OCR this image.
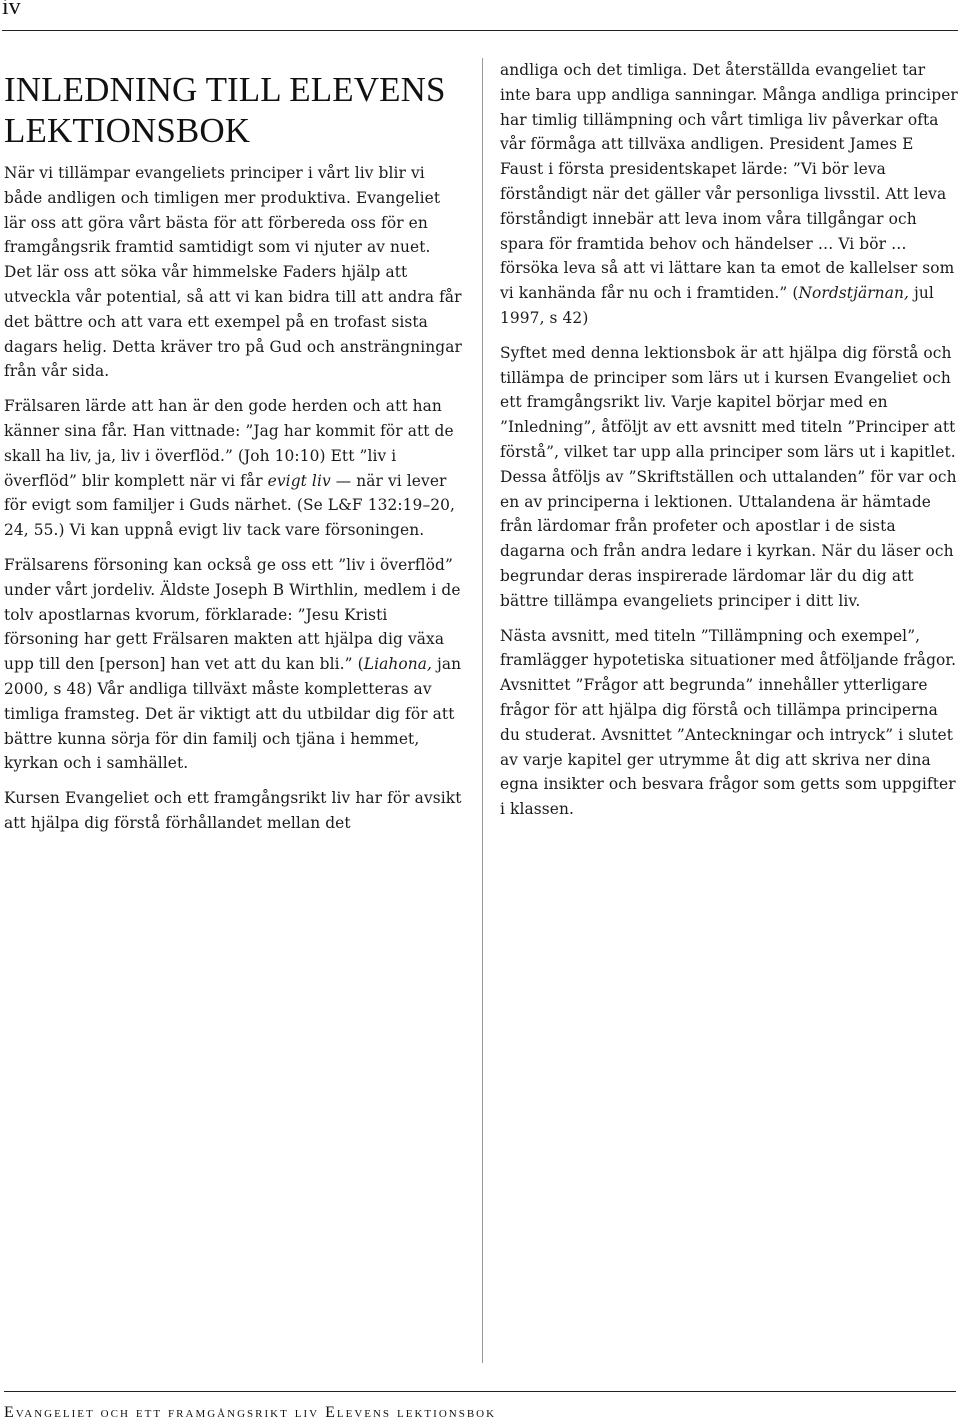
iv
INLEDNING TILL ELEVENS LEKTIONSBOK

När vi tillämpar evangeliets principer i vårt liv blir vi både andligen och timligen mer produktiva. Evangeliet lär oss att göra vårt bästa för att förbereda oss för en framgångsrik framtid samtidigt som vi njuter av nuet. Det lär oss att söka vår himmelske Faders hjälp att utveckla vår potential, så att vi kan bidra till att andra får det bättre och att vara ett exempel på en trofast sista dagars helig. Detta kräver tro på Gud och ansträngningar från vår sida.

Frälsaren lärde att han är den gode herden och att han känner sina får. Han vittnade: ”Jag har kommit för att de skall ha liv, ja, liv i överflöd.” (Joh 10:10) Ett ”liv i överflöd” blir komplett när vi får evigt liv — när vi lever för evigt som familjer i Guds närhet. (Se L&F 132:19–20, 24, 55.) Vi kan uppnå evigt liv tack vare försoningen.

Frälsarens försoning kan också ge oss ett ”liv i överflöd” under vårt jordeliv. Äldste Joseph B Wirthlin, medlem i de tolv apostlarnas kvorum, förklarade: ”Jesu Kristi försoning har gett Frälsaren makten att hjälpa dig växa upp till den [person] han vet att du kan bli.” (Liahona, jan 2000, s 48) Vår andliga tillväxt måste kompletteras av timliga framsteg. Det är viktigt att du utbildar dig för att bättre kunna sörja för din familj och tjäna i hemmet, kyrkan och i samhället.

Kursen Evangeliet och ett framgångsrikt liv har för avsikt att hjälpa dig förstå förhållandet mellan det

andliga och det timliga. Det återställda evangeliet tar inte bara upp andliga sanningar. Många andliga principer har timlig tillämpning och vårt timliga liv påverkar ofta vår förmåga att tillväxa andligen. President James E Faust i första presidentskapet lärde: ”Vi bör leva förståndigt när det gäller vår personliga livsstil. Att leva förståndigt innebär att leva inom våra tillgångar och spara för framtida behov och händelser … Vi bör … försöka leva så att vi lättare kan ta emot de kallelser som vi kanhända får nu och i framtiden.” (Nordstjärnan, jul 1997, s 42)

Syftet med denna lektionsbok är att hjälpa dig förstå och tillämpa de principer som lärs ut i kursen Evangeliet och ett framgångsrikt liv. Varje kapitel börjar med en ”Inledning”, åtföljt av ett avsnitt med titeln ”Principer att förstå”, vilket tar upp alla principer som lärs ut i kapitlet. Dessa åtföljs av ”Skriftställen och uttalanden” för var och en av principerna i lektionen. Uttalandena är hämtade från lärdomar från profeter och apostlar i de sista dagarna och från andra ledare i kyrkan. När du läser och begrundar deras inspirerade lärdomar lär du dig att bättre tillämpa evangeliets principer i ditt liv.

Nästa avsnitt, med titeln ”Tillämpning och exempel”, framlägger hypotetiska situationer med åtföljande frågor. Avsnittet ”Frågor att begrunda” innehåller ytterligare frågor för att hjälpa dig förstå och tillämpa principerna du studerat. Avsnittet ”Anteckningar och intryck” i slutet av varje kapitel ger utrymme åt dig att skriva ner dina egna insikter och besvara frågor som getts som uppgifter i klassen.

Evangeliet och ett framgångsrikt liv Elevens lektionsbok
